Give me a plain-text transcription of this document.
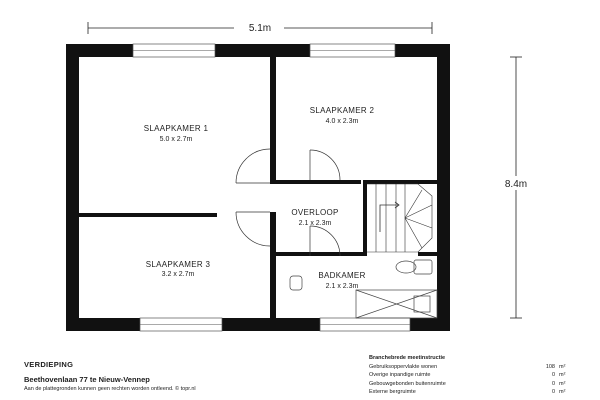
5.1m
8.4m
SLAAPKAMER 1
5.0 x 2.7m
SLAAPKAMER 2
4.0 x 2.3m
OVERLOOP
2.1 x 2.3m
SLAAPKAMER 3
3.2 x 2.7m	BADKAMER
2.1 x 2.3m
VERDIEPING
Beethovenlaan 77 te Nieuw-Vennep
Aan de plattegronden kunnen geen rechten worden ontleend. © topr.nl
Branchebrede meetinstructie
Gebruiksoppervlakte wonen	108 m²
Overige inpandige ruimte	0 m²
Gebouwgebonden buitenruimte	0 m²
Externe bergruimte	0 m²
